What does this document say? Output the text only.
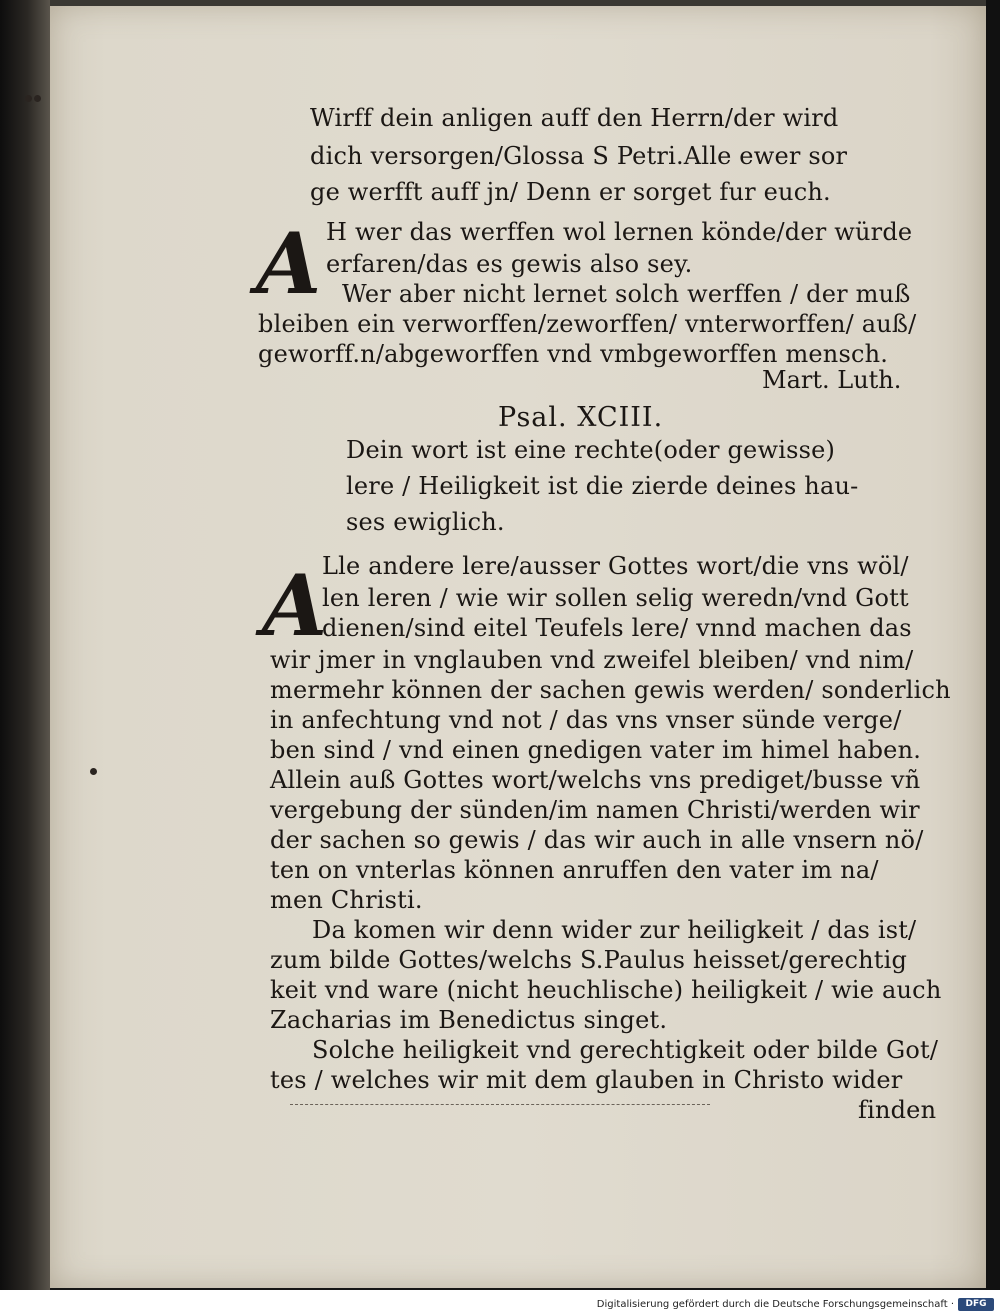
Wirff dein anligen auff den Herrn/der wird
dich versorgen/Glossa S Petri.Alle ewer sor
ge werfft auff jn/ Denn er sorget fur euch.
A H wer das werffen wol lernen könde/der würde
erfaren/das es gewis also sey.
Wer aber nicht lernet solch werffen / der muß
bleiben ein verworffen/zeworffen/ vnterworffen/ auß/
geworff.n/abgeworffen vnd vmbgeworffen mensch.
Mart. Luth.
Psal. XCIII.
Dein wort ist eine rechte(oder gewisse)
lere / Heiligkeit ist die zierde deines hau-
ses ewiglich.
A
Lle andere lere/ausser Gottes wort/die vns wöl/
len leren / wie wir sollen selig weredn/vnd Gott
dienen/sind eitel Teufels lere/ vnnd machen das
wir jmer in vnglauben vnd zweifel bleiben/ vnd nim/
mermehr können der sachen gewis werden/ sonderlich
in anfechtung vnd not / das vns vnser sünde verge/
ben sind / vnd einen gnedigen vater im himel haben.
Allein auß Gottes wort/welchs vns prediget/busse vñ
vergebung der sünden/im namen Christi/werden wir
der sachen so gewis / das wir auch in alle vnsern nö/
ten on vnterlas können anruffen den vater im na/
men Christi.
Da komen wir denn wider zur heiligkeit / das ist/
zum bilde Gottes/welchs S.Paulus heisset/gerechtig
keit vnd ware (nicht heuchlische) heiligkeit / wie auch
Zacharias im Benedictus singet.
Solche heiligkeit vnd gerechtigkeit oder bilde Got/
tes / welches wir mit dem glauben in Christo wider
finden
Digitalisierung gefördert durch die Deutsche Forschungsgemeinschaft ·	DFG
